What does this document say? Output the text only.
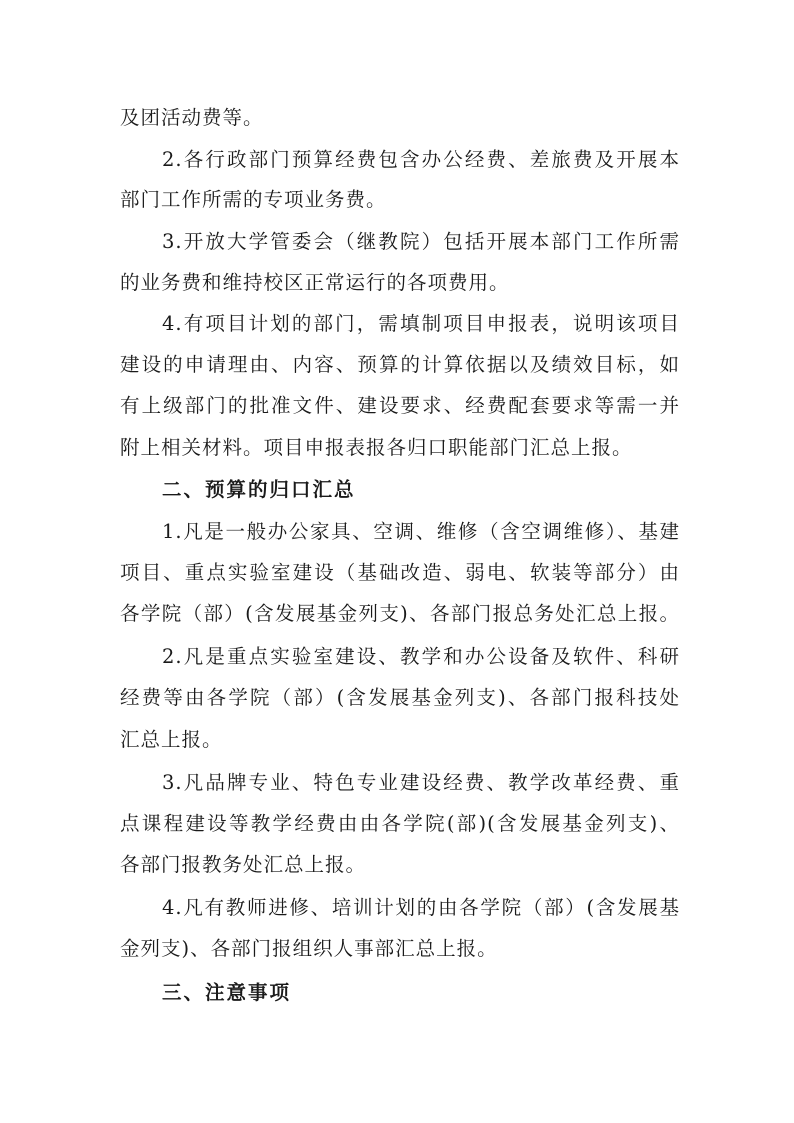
及团活动费等。
2.各行政部门预算经费包含办公经费、差旅费及开展本
部门工作所需的专项业务费。
3.开放大学管委会（继教院）包括开展本部门工作所需
的业务费和维持校区正常运行的各项费用。
4.有项目计划的部门，需填制项目申报表，说明该项目
建设的申请理由、内容、预算的计算依据以及绩效目标，如
有上级部门的批准文件、建设要求、经费配套要求等需一并
附上相关材料。项目申报表报各归口职能部门汇总上报。
二、预算的归口汇总
1.凡是一般办公家具、空调、维修（含空调维修）、基建
项目、重点实验室建设（基础改造、弱电、软装等部分）由
各学院（部）(含发展基金列支)、各部门报总务处汇总上报。
2.凡是重点实验室建设、教学和办公设备及软件、科研
经费等由各学院（部）(含发展基金列支)、各部门报科技处
汇总上报。
3.凡品牌专业、特色专业建设经费、教学改革经费、重
点课程建设等教学经费由由各学院(部)(含发展基金列支)、
各部门报教务处汇总上报。
4.凡有教师进修、培训计划的由各学院（部）(含发展基
金列支)、各部门报组织人事部汇总上报。
三、注意事项
